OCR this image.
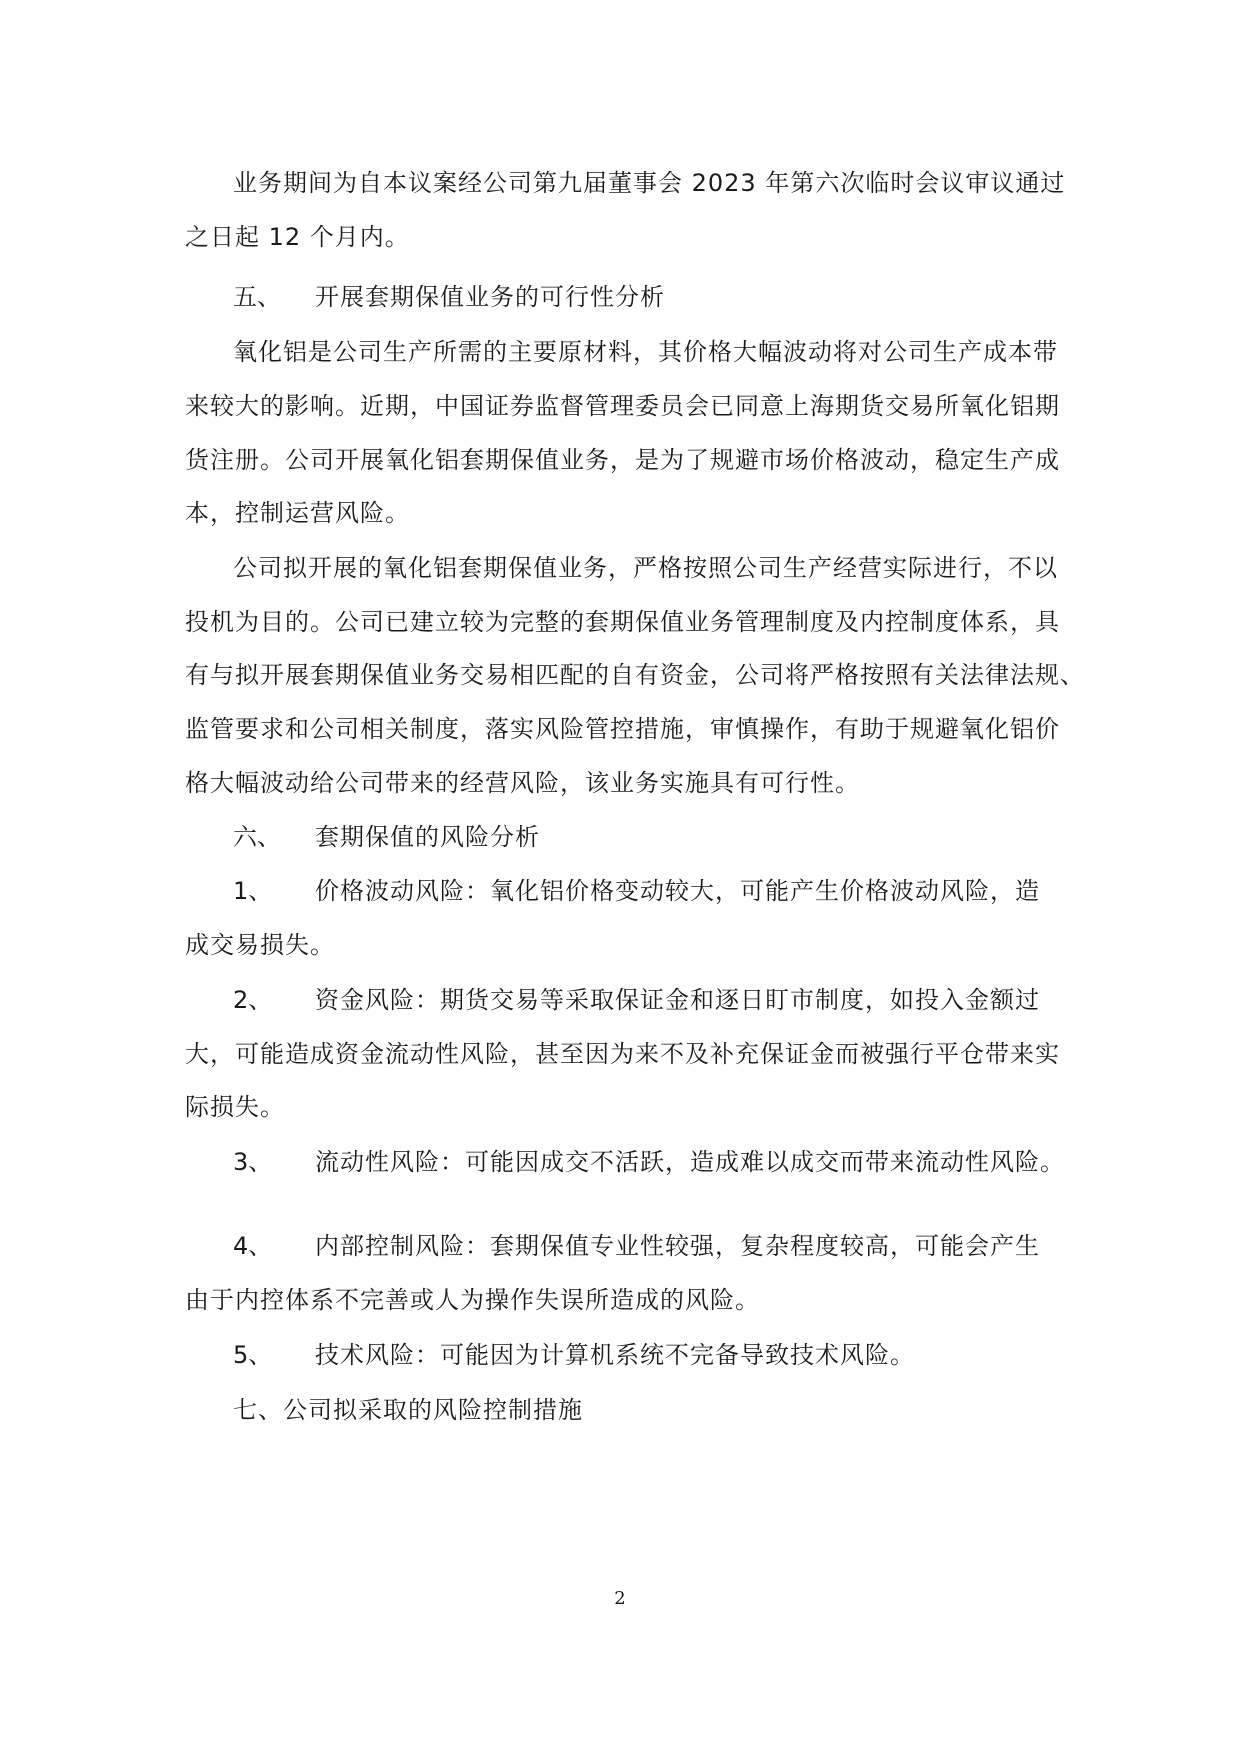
业务期间为自本议案经公司第九届董事会 2023 年第六次临时会议审议通过
之日起 12 个月内。
五、 开展套期保值业务的可行性分析
氧化铝是公司生产所需的主要原材料，其价格大幅波动将对公司生产成本带
来较大的影响。近期，中国证券监督管理委员会已同意上海期货交易所氧化铝期
货注册。公司开展氧化铝套期保值业务，是为了规避市场价格波动，稳定生产成
本，控制运营风险。
公司拟开展的氧化铝套期保值业务，严格按照公司生产经营实际进行，不以
投机为目的。公司已建立较为完整的套期保值业务管理制度及内控制度体系，具
有与拟开展套期保值业务交易相匹配的自有资金，公司将严格按照有关法律法规、
监管要求和公司相关制度，落实风险管控措施，审慎操作，有助于规避氧化铝价
格大幅波动给公司带来的经营风险，该业务实施具有可行性。
六、 套期保值的风险分析
1、 价格波动风险：氧化铝价格变动较大，可能产生价格波动风险，造
成交易损失。
2、 资金风险：期货交易等采取保证金和逐日盯市制度，如投入金额过
大，可能造成资金流动性风险，甚至因为来不及补充保证金而被强行平仓带来实
际损失。
3、 流动性风险：可能因成交不活跃，造成难以成交而带来流动性风险。
4、 内部控制风险：套期保值专业性较强，复杂程度较高，可能会产生
由于内控体系不完善或人为操作失误所造成的风险。
5、 技术风险：可能因为计算机系统不完备导致技术风险。
七、公司拟采取的风险控制措施
2
